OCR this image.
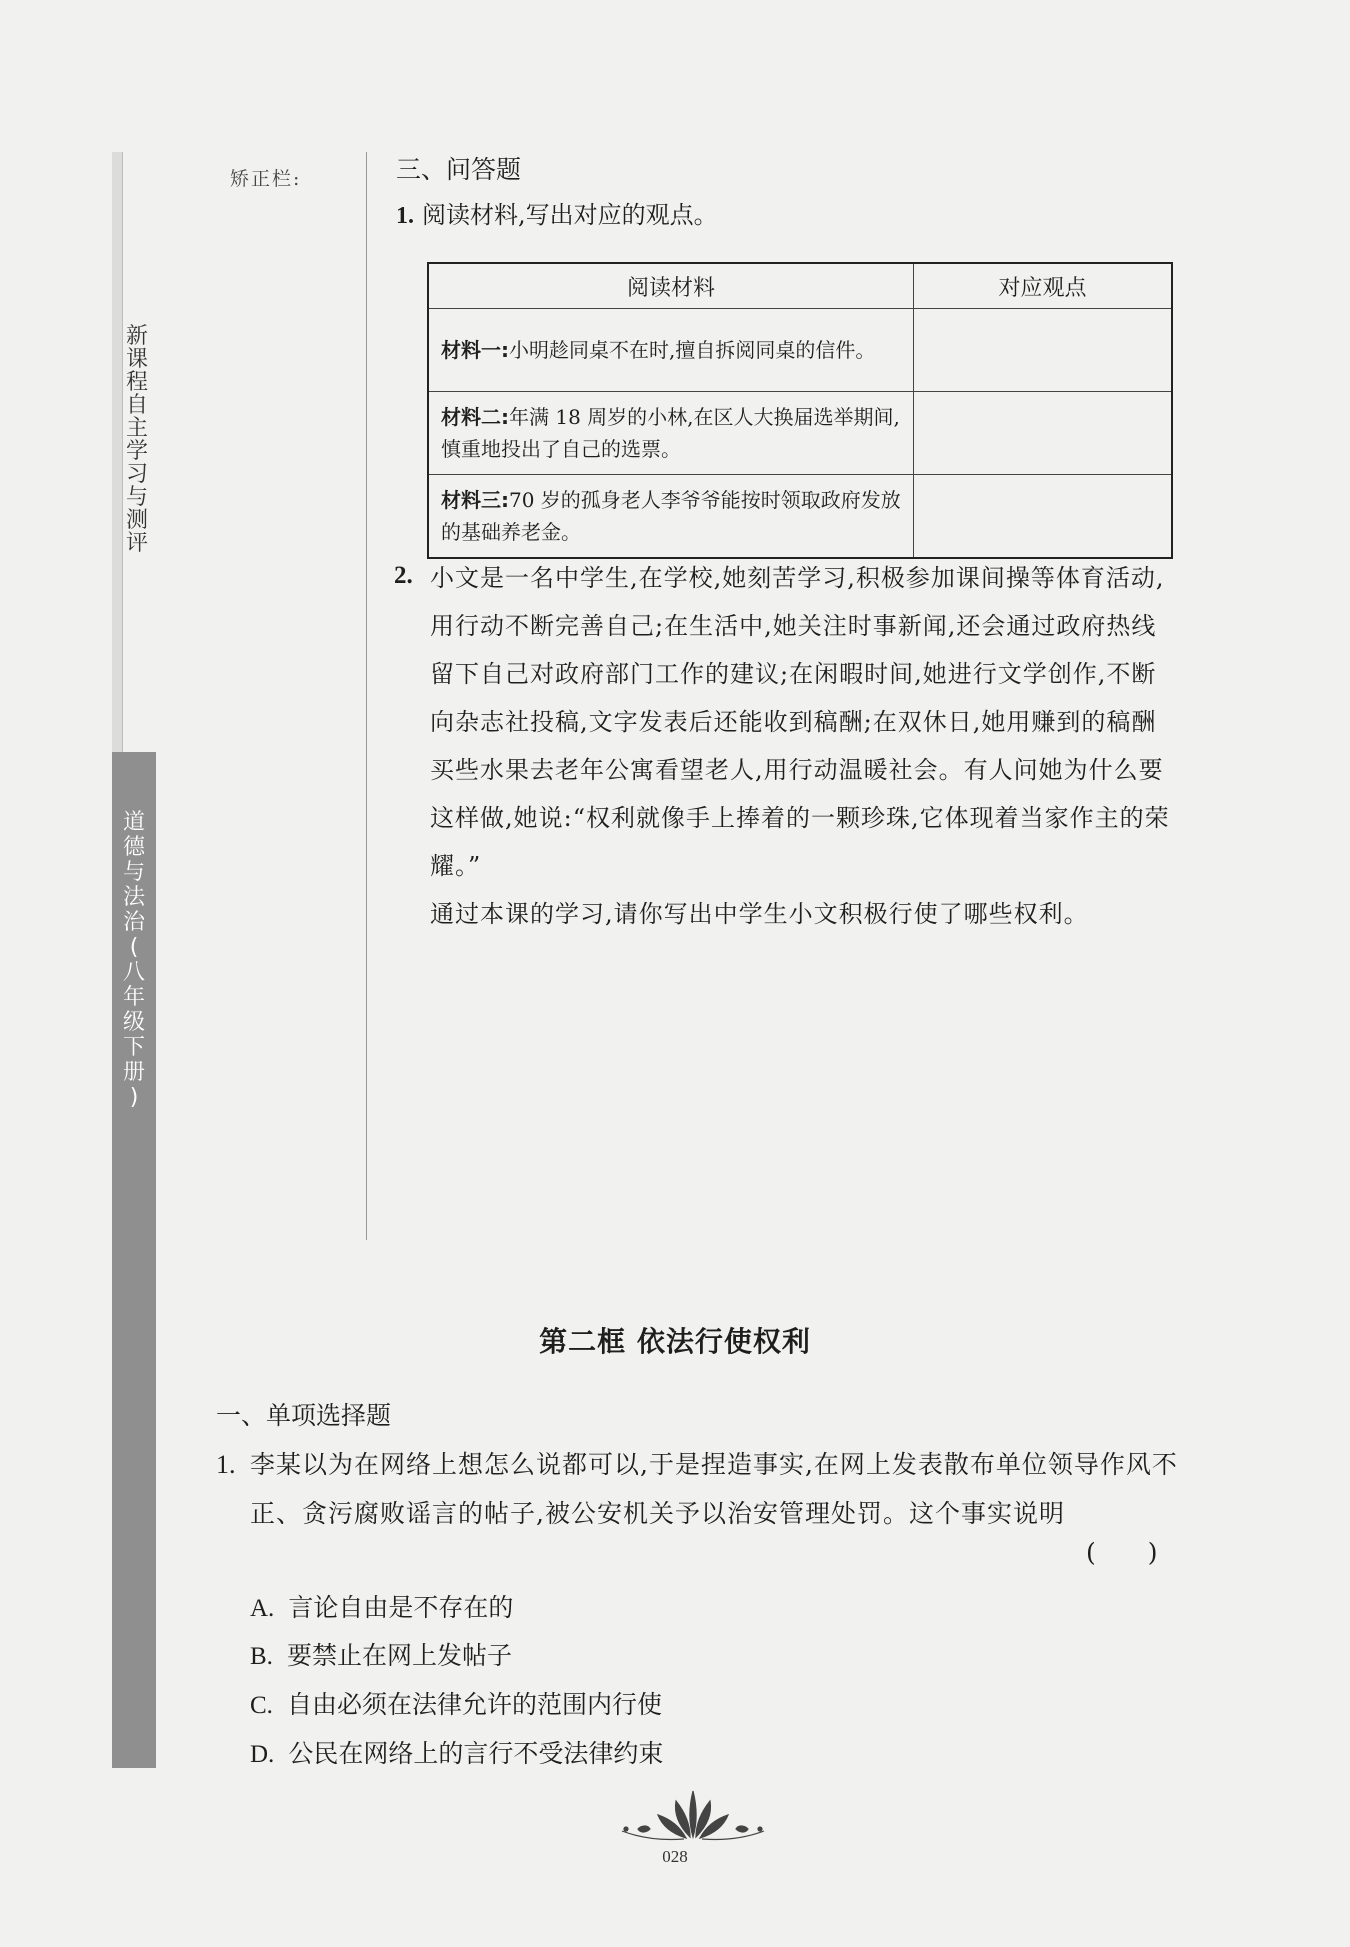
新
课
程
自
主
学
习
与
测
评
道
德
与
法
治
(
八
年
级
下
册
)
矫正栏:	三、问答题

1. 阅读材料,写出对应的观点。

阅读材料	对应观点
材料一:小明趁同桌不在时,擅自拆阅同桌的信件。	
材料二:年满 18 周岁的小林,在区人大换届选举期间,慎重地投出了自己的选票。	
材料三:70 岁的孤身老人李爷爷能按时领取政府发放的基础养老金。	
2. 小文是一名中学生,在学校,她刻苦学习,积极参加课间操等体育活动,用行动不断完善自己;在生活中,她关注时事新闻,还会通过政府热线留下自己对政府部门工作的建议;在闲暇时间,她进行文学创作,不断向杂志社投稿,文字发表后还能收到稿酬;在双休日,她用赚到的稿酬买些水果去老年公寓看望老人,用行动温暖社会。有人问她为什么要这样做,她说:“权利就像手上捧着的一颗珍珠,它体现着当家作主的荣耀。”

通过本课的学习,请你写出中学生小文积极行使了哪些权利。

第二框 依法行使权利
一、单项选择题
1. 李某以为在网络上想怎么说都可以,于是捏造事实,在网上发表散布单位领导作风不正、贪污腐败谣言的帖子,被公安机关予以治安管理处罚。这个事实说明

( )

A. 言论自由是不存在的

B. 要禁止在网上发帖子

C. 自由必须在法律允许的范围内行使

D. 公民在网络上的言行不受法律约束

028
